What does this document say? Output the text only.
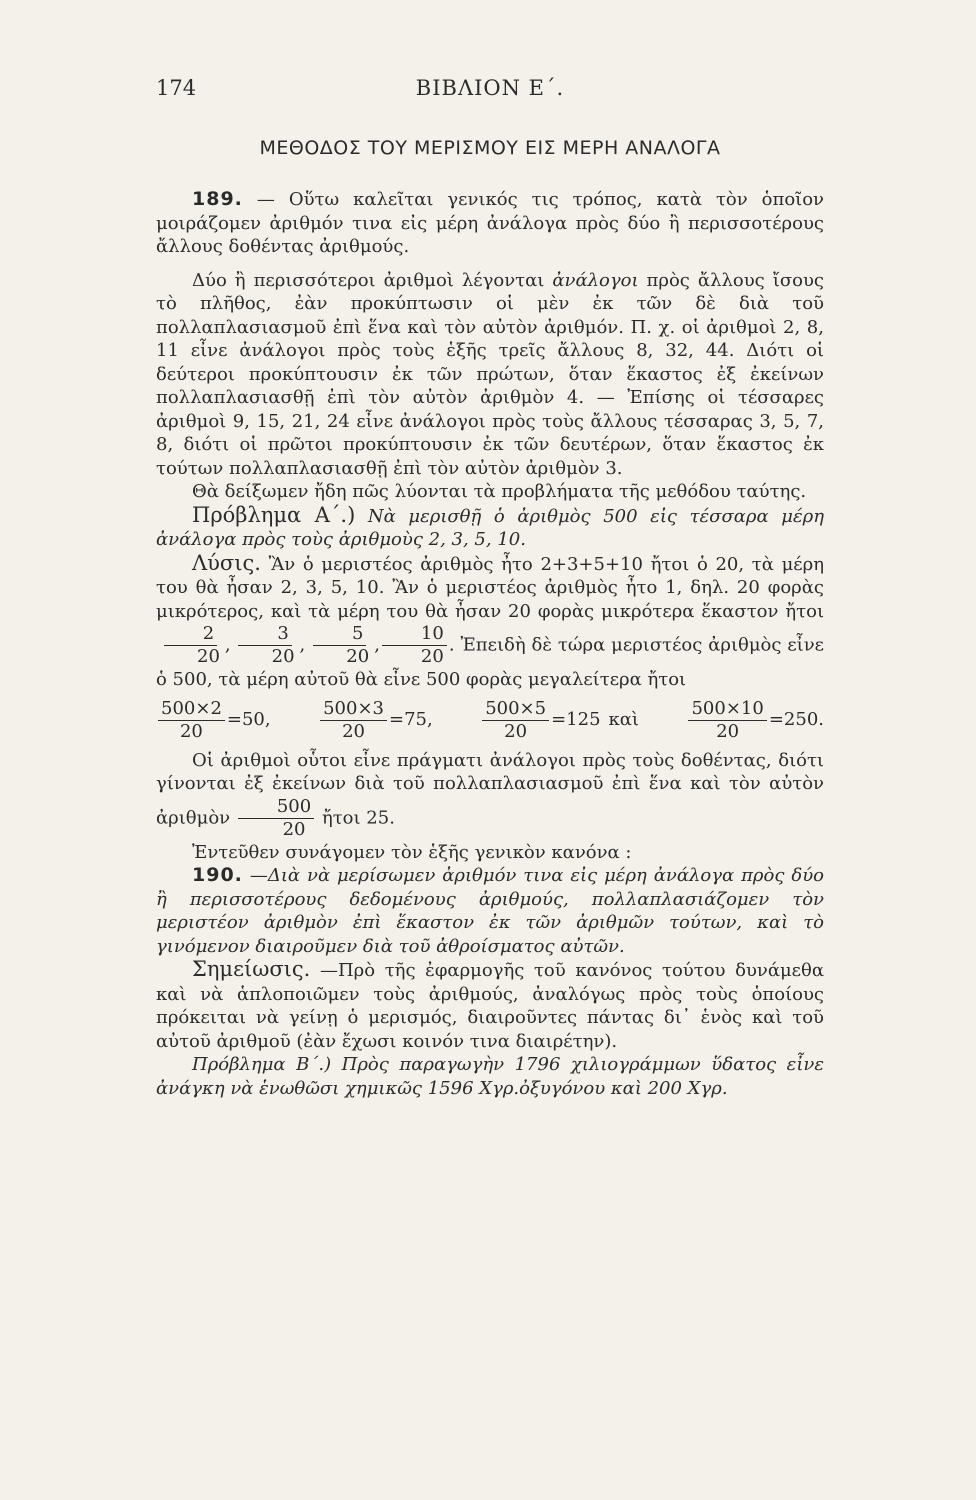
174	ΒΙΒΛΙΟΝ Ε΄.
ΜΕΘΟΔΟΣ ΤΟΥ ΜΕΡΙΣΜΟΥ ΕΙΣ ΜΕΡΗ ΑΝΑΛΟΓΑ

189. — Οὕτω καλεῖται γενικός τις τρόπος, κατὰ τὸν ὁποῖον μοιράζομεν ἀριθμόν τινα εἰς μέρη ἀνάλογα πρὸς δύο ἢ περισσοτέρους ἄλλους δοθέντας ἀριθμούς.

Δύο ἢ περισσότεροι ἀριθμοὶ λέγονται ἀνάλογοι πρὸς ἄλλους ἴσους τὸ πλῆθος, ἐὰν προκύπτωσιν οἱ μὲν ἐκ τῶν δὲ διὰ τοῦ πολλαπλασιασμοῦ ἐπὶ ἕνα καὶ τὸν αὐτὸν ἀριθμόν. Π. χ. οἱ ἀριθμοὶ 2, 8, 11 εἶνε ἀνάλογοι πρὸς τοὺς ἑξῆς τρεῖς ἄλλους 8, 32, 44. Διότι οἱ δεύτεροι προκύπτουσιν ἐκ τῶν πρώτων, ὅταν ἕκαστος ἐξ ἐκείνων πολλαπλασιασθῇ ἐπὶ τὸν αὐτὸν ἀριθμὸν 4. — Ἐπίσης οἱ τέσσαρες ἀριθμοὶ 9, 15, 21, 24 εἶνε ἀνάλογοι πρὸς τοὺς ἄλλους τέσσαρας 3, 5, 7, 8, διότι οἱ πρῶτοι προκύπτουσιν ἐκ τῶν δευτέρων, ὅταν ἕκαστος ἐκ τούτων πολλαπλασιασθῇ ἐπὶ τὸν αὐτὸν ἀριθμὸν 3.

Θὰ δείξωμεν ἤδη πῶς λύονται τὰ προβλήματα τῆς μεθόδου ταύτης.

Πρόβλημα Α΄.) Νὰ μερισθῇ ὁ ἀριθμὸς 500 εἰς τέσσαρα μέρη ἀνάλογα πρὸς τοὺς ἀριθμοὺς 2, 3, 5, 10.

Λύσις. Ἂν ὁ μεριστέος ἀριθμὸς ἦτο 2+3+5+10 ἤτοι ὁ 20, τὰ μέρη του θὰ ἦσαν 2, 3, 5, 10. Ἂν ὁ μεριστέος ἀριθμὸς ἦτο 1, δηλ. 20 φορὰς μικρότερος, καὶ τὰ μέρη του θὰ ἦσαν 20 φορὰς μικρότερα ἕκαστον ἤτοι
$\frac{2}{20}$ , $\frac{3}{20}$ , $\frac{5}{20}$ , $\frac{10}{20}$ . Ἐπειδὴ δὲ τώρα μεριστέος ἀριθμὸς εἶνε ὁ 500, τὰ μέρη αὐτοῦ θὰ εἶνε 500 φορὰς μεγαλείτερα ἤτοι

$\frac{500\times 2}{20} =50$,	$\frac{500\times 3}{20} =75$,	$\frac{500\times 5}{20} =125$ καὶ	$\frac{500\times 10}{20} =250$.

Οἱ ἀριθμοὶ οὗτοι εἶνε πράγματι ἀνάλογοι πρὸς τοὺς δοθέντας, διότι γίνονται ἐξ ἐκείνων διὰ τοῦ πολλαπλασιασμοῦ ἐπὶ ἕνα καὶ τὸν αὐτὸν ἀριθμὸν $\frac{500}{20}$ ἤτοι 25.

Ἐντεῦθεν συνάγομεν τὸν ἑξῆς γενικὸν κανόνα :

190. —Διὰ νὰ μερίσωμεν ἀριθμόν τινα εἰς μέρη ἀνάλογα πρὸς δύο ἢ περισσοτέρους δεδομένους ἀριθμούς, πολλαπλασιάζομεν τὸν μεριστέον ἀριθμὸν ἐπὶ ἕκαστον ἐκ τῶν ἀριθμῶν τούτων, καὶ τὸ γινόμενον διαιροῦμεν διὰ τοῦ ἀθροίσματος αὐτῶν.

Σημείωσις. —Πρὸ τῆς ἐφαρμογῆς τοῦ κανόνος τούτου δυνάμεθα καὶ νὰ ἁπλοποιῶμεν τοὺς ἀριθμούς, ἀναλόγως πρὸς τοὺς ὁποίους πρόκειται νὰ γείνῃ ὁ μερισμός, διαιροῦντες πάντας δι᾽ ἑνὸς καὶ τοῦ αὐτοῦ ἀριθμοῦ (ἐὰν ἔχωσι κοινόν τινα διαιρέτην).

Πρόβλημα Β΄.) Πρὸς παραγωγὴν 1796 χιλιογράμμων ὕδατος εἶνε ἀνάγκη νὰ ἑνωθῶσι χημικῶς 1596 Χγρ.ὀξυγόνου καὶ 200 Χγρ.
